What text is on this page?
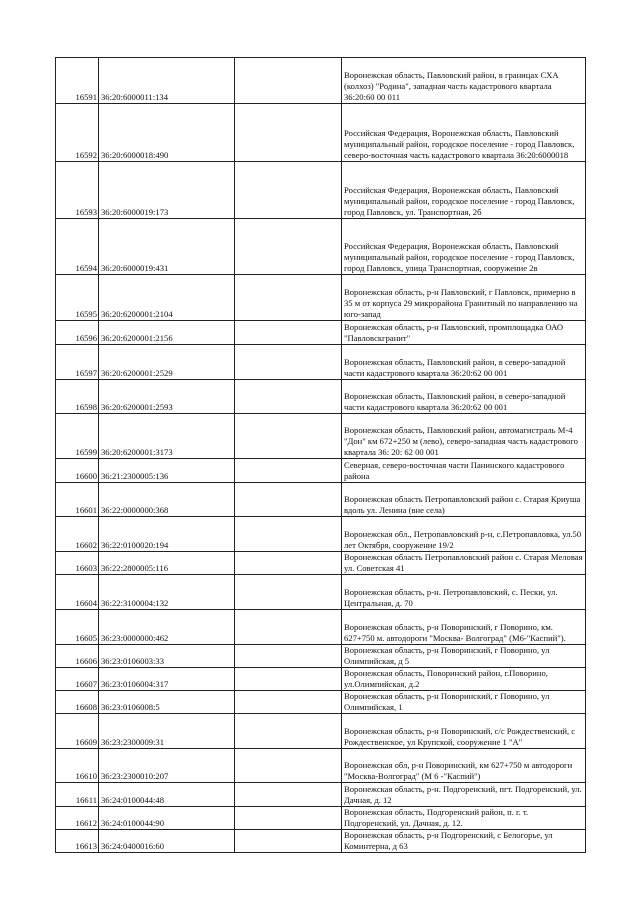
16591	36:20:6000011:134		Воронежская область, Павловский район, в границах СХА (колхоз) "Родина", западная часть кадастрового квартала 36:20:60 00 011
16592	36:20:6000018:490		Российская Федерация, Воронежская область, Павловский муниципальный район, городское поселение - город Павловск, северо-восточная часть кадастрового квартала 36:20:6000018
16593	36:20:6000019:173		Российская Федерация, Воронежская область, Павловский муниципальный район, городское поселение - город Павловск, город Павловск, ул. Транспортная, 2б
16594	36:20:6000019:431		Российская Федерация, Воронежская область, Павловский муниципальный район, городское поселение - город Павловск, город Павловск, улица Транспортная, сооружение 2в
16595	36:20:6200001:2104		Воронежская область, р-н Павловский, г Павловск, примерно в 35 м от корпуса 29 микрорайона Гранитный по направлению на юго-запад
16596	36:20:6200001:2156		Воронежская область, р-н Павловский, промплощадка ОАО "Павловскгранит"
16597	36:20:6200001:2529		Воронежская область, Павловский район, в северо-западной части кадастрового квартала 36:20:62 00 001
16598	36:20:6200001:2593		Воронежская область, Павловский район, в северо-западной части кадастрового квартала 36:20:62 00 001
16599	36:20:6200001:3173		Воронежская область, Павловский район, автомагистраль М-4 "Дон" км 672+250 м (лево), северо-западная часть кадастрового квартала 36: 20: 62 00 001
16600	36:21:2300005:136		Северная, северо-восточная части Панинского кадастрового района
16601	36:22:0000000:368		Воронежская область Петропавловский район с. Старая Криуша вдоль ул. Ленина (вне села)
16602	36:22:0100020:194		Воронежская обл., Петропавловский р-н, с.Петропавловка, ул.50 лет Октября, сооружение 19/2
16603	36:22:2800005:116		Воронежская область Петропавловский район с. Старая Меловая ул. Советская 41
16604	36:22:3100004:132		Воронежская область, р-н. Петропавловский, с. Пески, ул. Центральная, д. 70
16605	36:23:0000000:462		Воронежская область, р-н Поворинский, г Поворино, км. 627+750 м. автодороги "Москва- Волгоград" (М6-"Каспий").
16606	36:23:0106003:33		Воронежская область, р-н Поворинский, г Поворино, ул Олимпийская, д 5
16607	36:23:0106004:317		Воронежская область, Поворинский район, г.Поворино, ул.Олимпийская, д.2
16608	36:23:0106008:5		Воронежская область, р-н Поворинский, г Поворино, ул Олимпийская, 1
16609	36:23:2300009:31		Воронежская область, р-н Поворинский, с/с Рождественский, с Рождественское, ул Крупской, сооружение 1 "А"
16610	36:23:2300010:207		Воронежская обл, р-н Поворинский, км 627+750 м автодороги "Москва-Волгоград" (М 6 -"Каспий")
16611	36:24:0100044:48		Воронежская область, р-н. Подгоренский, пгт. Подгоренский, ул. Дачная, д. 12
16612	36:24:0100044:90		Воронежская область, Подгоренский район, п. г. т. Подгоренский, ул. Дачная, д. 12.
16613	36:24:0400016:60		Воронежская область, р-н Подгоренский, с Белогорье, ул Коминтерна, д 63
